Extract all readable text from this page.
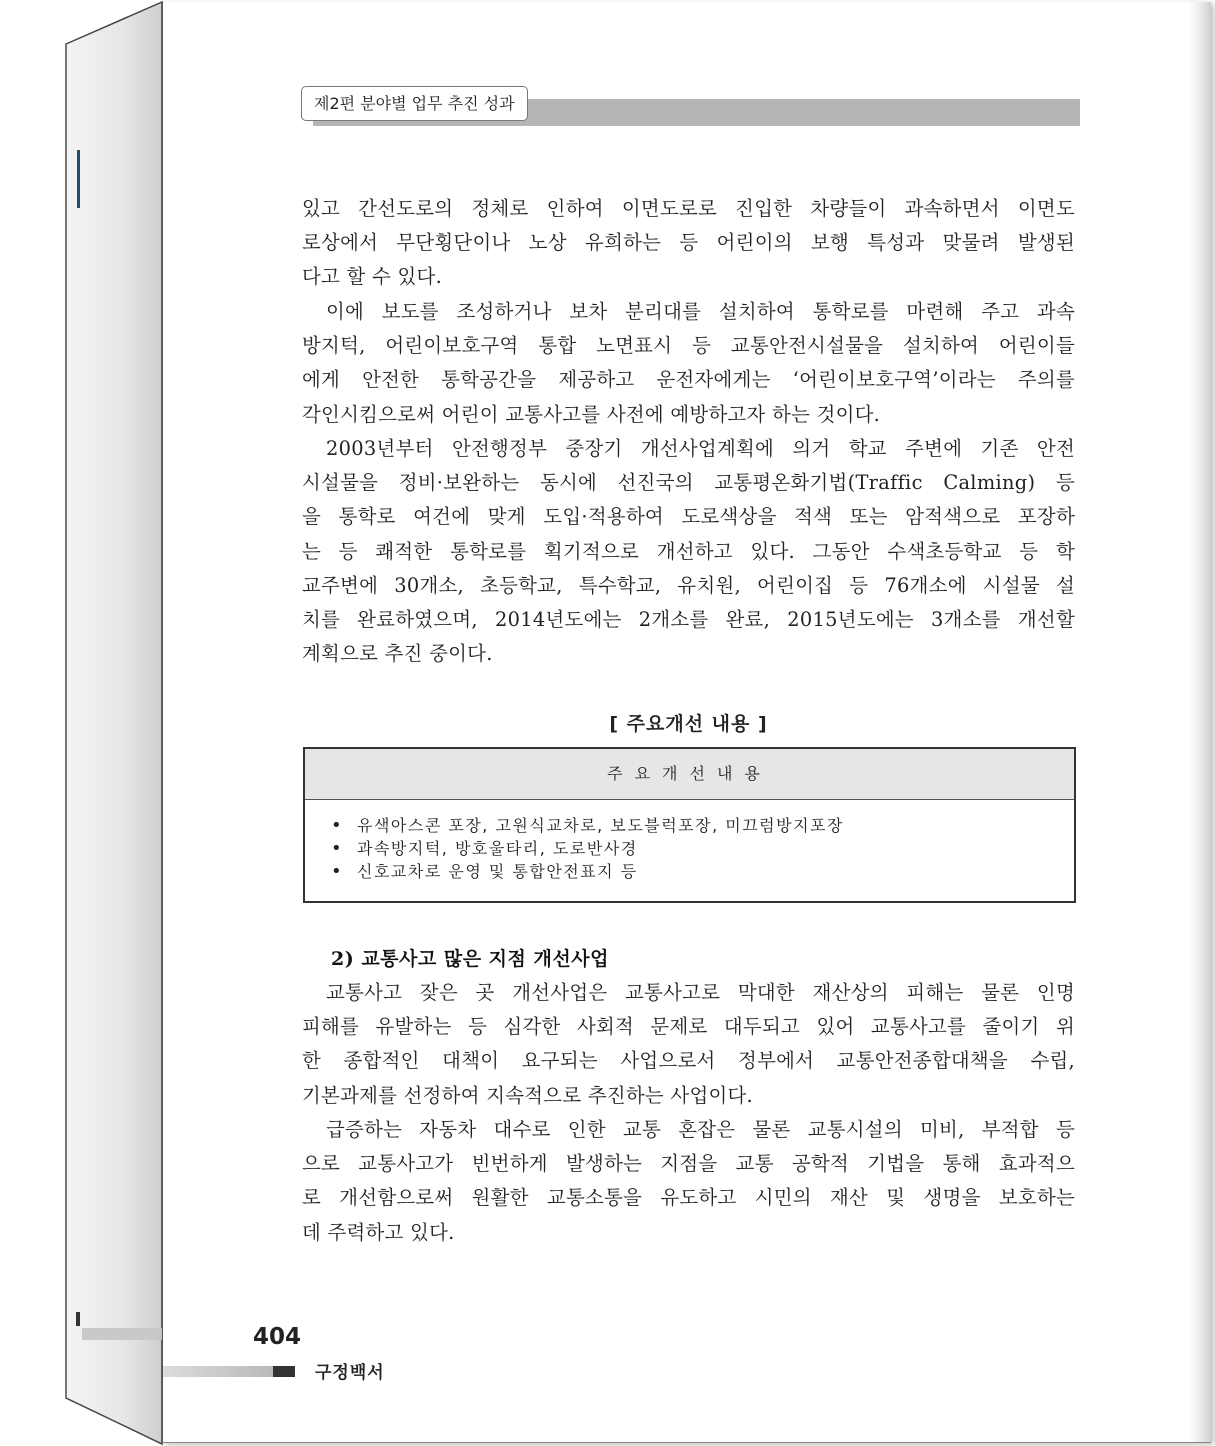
제2편 분야별 업무 추진 성과

있고 간선도로의 정체로 인하여 이면도로로 진입한 차량들이 과속하면서 이면도
로상에서 무단횡단이나 노상 유희하는 등 어린이의 보행 특성과 맞물려 발생된
다고 할 수 있다.

이에 보도를 조성하거나 보차 분리대를 설치하여 통학로를 마련해 주고 과속
방지턱, 어린이보호구역 통합 노면표시 등 교통안전시설물을 설치하여 어린이들
에게 안전한 통학공간을 제공하고 운전자에게는 ‘어린이보호구역’이라는 주의를
각인시킴으로써 어린이 교통사고를 사전에 예방하고자 하는 것이다.

2003년부터 안전행정부 중장기 개선사업계획에 의거 학교 주변에 기존 안전
시설물을 정비·보완하는 동시에 선진국의 교통평온화기법(Traffic Calming) 등
을 통학로 여건에 맞게 도입·적용하여 도로색상을 적색 또는 암적색으로 포장하
는 등 쾌적한 통학로를 획기적으로 개선하고 있다. 그동안 수색초등학교 등 학
교주변에 30개소, 초등학교, 특수학교, 유치원, 어린이집 등 76개소에 시설물 설
치를 완료하였으며, 2014년도에는 2개소를 완료, 2015년도에는 3개소를 개선할
계획으로 추진 중이다.

[ 주요개선 내용 ]
주요개선내용
• 유색아스콘 포장, 고원식교차로, 보도블럭포장, 미끄럼방지포장
• 과속방지턱, 방호울타리, 도로반사경
• 신호교차로 운영 및 통합안전표지 등
2) 교통사고 많은 지점 개선사업

교통사고 잦은 곳 개선사업은 교통사고로 막대한 재산상의 피해는 물론 인명
피해를 유발하는 등 심각한 사회적 문제로 대두되고 있어 교통사고를 줄이기 위
한 종합적인 대책이 요구되는 사업으로서 정부에서 교통안전종합대책을 수립,
기본과제를 선정하여 지속적으로 추진하는 사업이다.

급증하는 자동차 대수로 인한 교통 혼잡은 물론 교통시설의 미비, 부적합 등
으로 교통사고가 빈번하게 발생하는 지점을 교통 공학적 기법을 통해 효과적으
로 개선함으로써 원활한 교통소통을 유도하고 시민의 재산 및 생명을 보호하는
데 주력하고 있다.

404
구정백서
